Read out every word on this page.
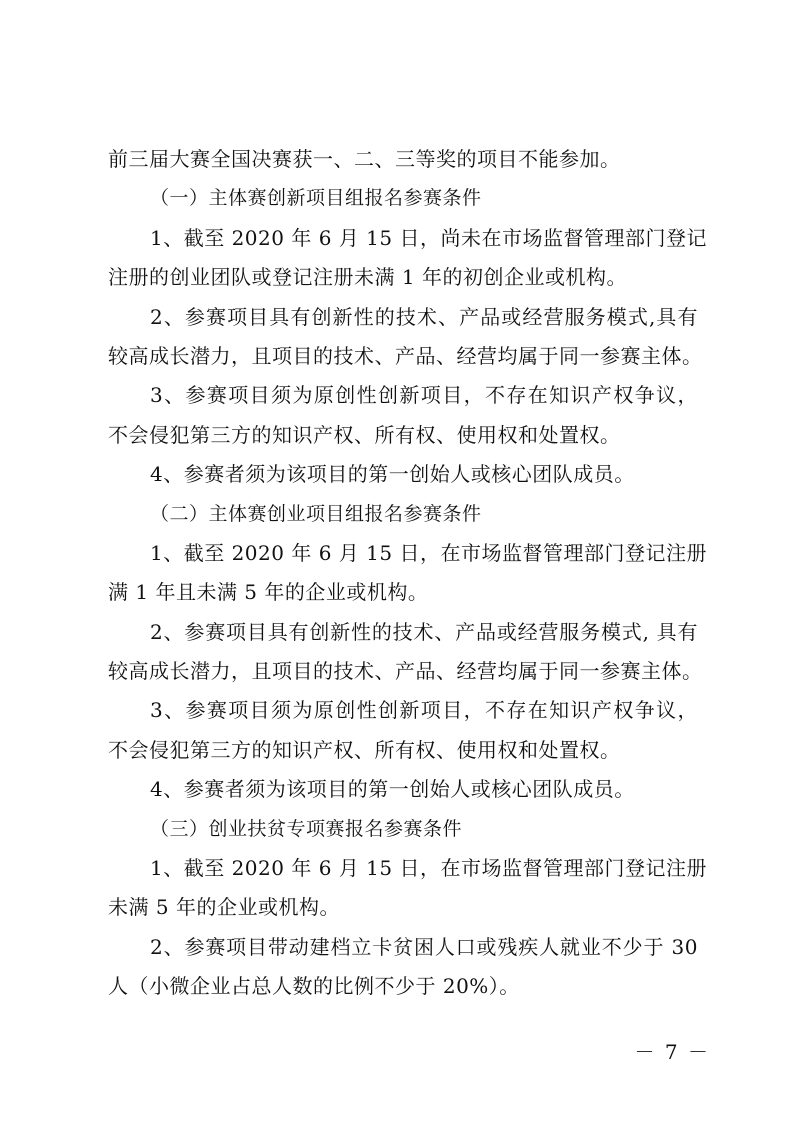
前三届大赛全国决赛获一、二、三等奖的项目不能参加。
（一）主体赛创新项目组报名参赛条件
1、截至 2020 年 6 月 15 日，尚未在市场监督管理部门登记
注册的创业团队或登记注册未满 1 年的初创企业或机构。
2、参赛项目具有创新性的技术、产品或经营服务模式,具有
较高成长潜力，且项目的技术、产品、经营均属于同一参赛主体。
3、参赛项目须为原创性创新项目，不存在知识产权争议，
不会侵犯第三方的知识产权、所有权、使用权和处置权。
4、参赛者须为该项目的第一创始人或核心团队成员。
（二）主体赛创业项目组报名参赛条件
1、截至 2020 年 6 月 15 日，在市场监督管理部门登记注册
满 1 年且未满 5 年的企业或机构。
2、参赛项目具有创新性的技术、产品或经营服务模式, 具有
较高成长潜力，且项目的技术、产品、经营均属于同一参赛主体。
3、参赛项目须为原创性创新项目，不存在知识产权争议，
不会侵犯第三方的知识产权、所有权、使用权和处置权。
4、参赛者须为该项目的第一创始人或核心团队成员。
（三）创业扶贫专项赛报名参赛条件
1、截至 2020 年 6 月 15 日，在市场监督管理部门登记注册
未满 5 年的企业或机构。
2、参赛项目带动建档立卡贫困人口或残疾人就业不少于 30
人（小微企业占总人数的比例不少于 20%）。
－ 7 －
